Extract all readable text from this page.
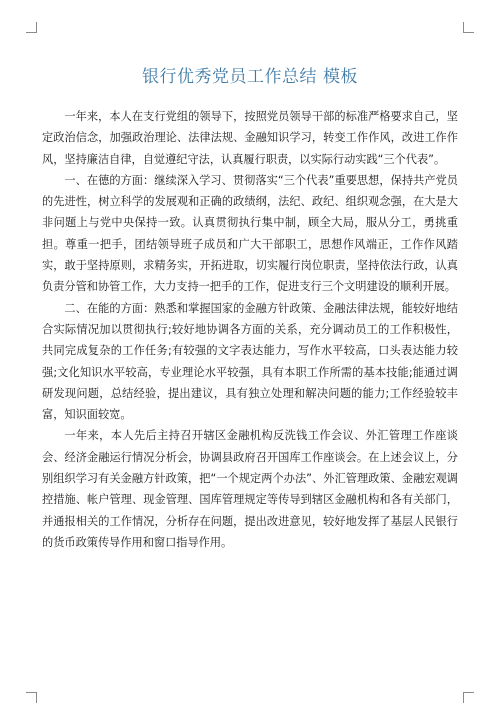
银行优秀党员工作总结 模板

一年来，本人在支行党组的领导下，按照党员领导干部的标准严格要求自己，坚定政治信念，加强政治理论、法律法规、金融知识学习，转变工作作风，改进工作作风，坚持廉洁自律，自觉遵纪守法，认真履行职责，以实际行动实践“三个代表”。

一、在德的方面：继续深入学习、贯彻落实“三个代表”重要思想，保持共产党员的先进性，树立科学的发展观和正确的政绩纲，法纪、政纪、组织观念强，在大是大非问题上与党中央保持一致。认真贯彻执行集中制，顾全大局，服从分工，勇挑重担。尊重一把手，团结领导班子成员和广大干部职工，思想作风端正，工作作风踏实，敢于坚持原则，求精务实，开拓进取，切实履行岗位职责，坚持依法行政，认真负责分管和协管工作，大力支持一把手的工作，促进支行三个文明建设的顺利开展。

二、在能的方面：熟悉和掌握国家的金融方针政策、金融法律法规，能较好地结合实际情况加以贯彻执行;较好地协调各方面的关系，充分调动员工的工作积极性，共同完成复杂的工作任务;有较强的文字表达能力，写作水平较高，口头表达能力较强;文化知识水平较高，专业理论水平较强，具有本职工作所需的基本技能;能通过调研发现问题，总结经验，提出建议，具有独立处理和解决问题的能力;工作经验较丰富，知识面较宽。

一年来，本人先后主持召开辖区金融机构反洗钱工作会议、外汇管理工作座谈会、经济金融运行情况分析会，协调县政府召开国库工作座谈会。在上述会议上，分别组织学习有关金融方针政策，把“一个规定两个办法”、外汇管理政策、金融宏观调控措施、帐户管理、现金管理、国库管理规定等传导到辖区金融机构和各有关部门，并通报相关的工作情况，分析存在问题，提出改进意见，较好地发挥了基层人民银行的货币政策传导作用和窗口指导作用。
